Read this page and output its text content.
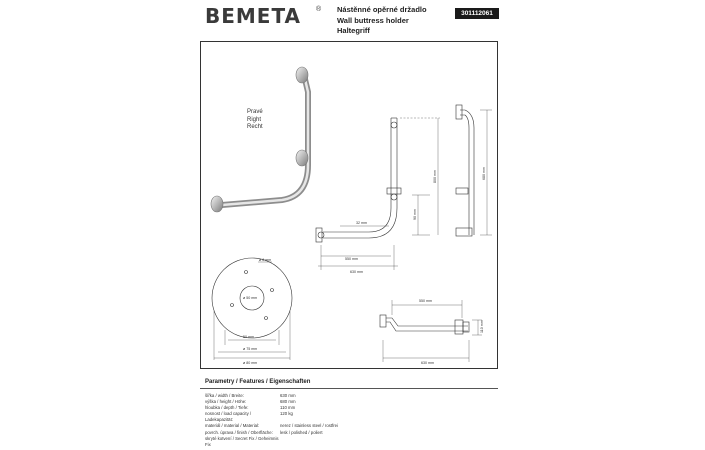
BEMETA ® Nástěnné opěrné držadlo
Wall buttress holder
Haltegriff
301112061
Pravé
Right
Recht
32 mm
550 mm
630 mm
800 mm
90 mm
680 mm
ø 6 mm
ø 50 mm
50 mm
ø 75 mm
ø 80 mm
550 mm
630 mm
110 mm
Parametry / Features / Eigenschaften
šířka / width / Breite:	630 mm
výška / height / Höhe:	680 mm
hloubka / depth / Tiefe:	110 mm
nosnost / load capacity / Ladekapazität:
120 kg
materiál / material / Material:	nerez / stainless steel / rostfrei
povrch. úprava / finish / Oberfläche:	lesk / polished / poliert
skryté kotvení / Secret Fix / Geheimnis Fix
